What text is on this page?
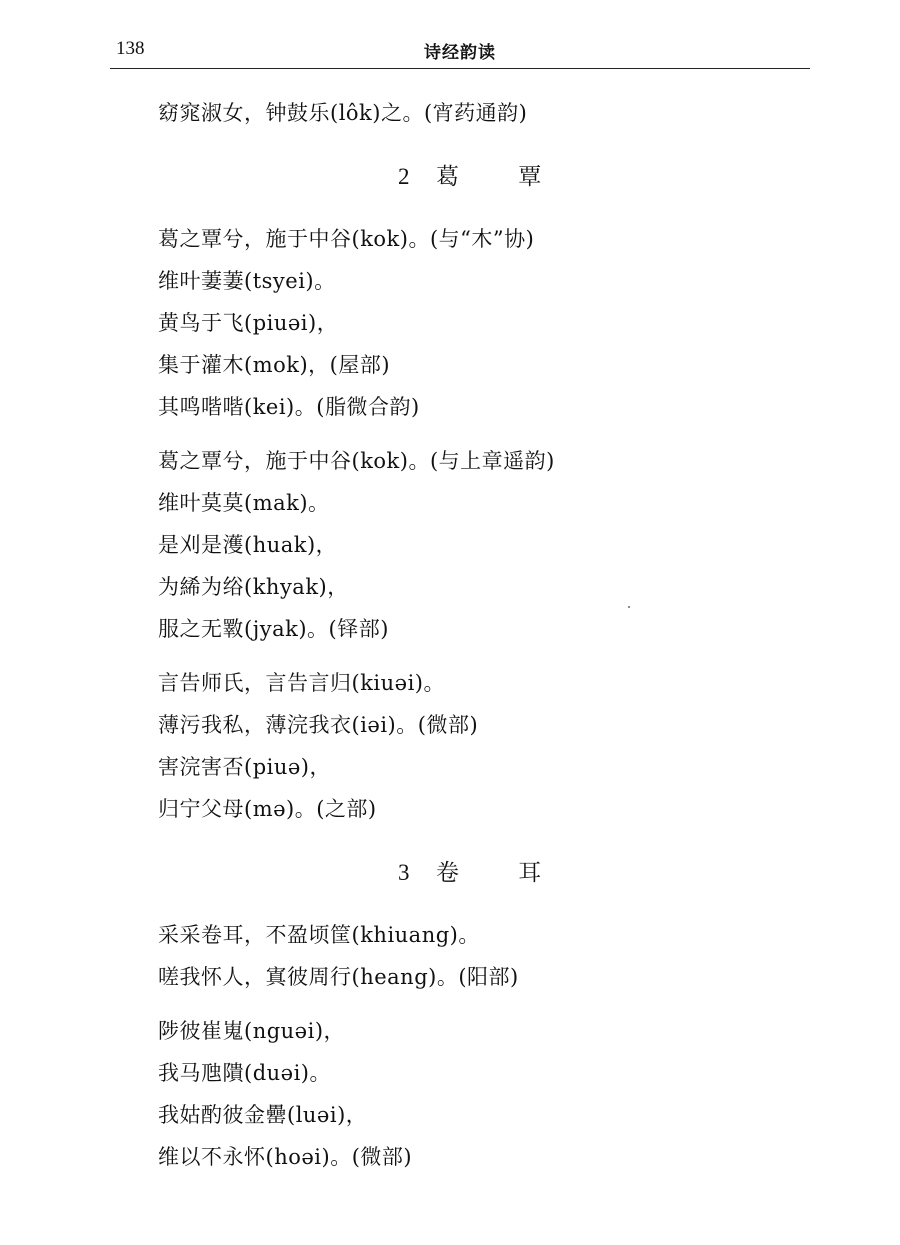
138	诗经韵读
窈窕淑女，钟鼓乐(lôk)之。(宵药通韵)
2 葛 覃
葛之覃兮，施于中谷(kok)。(与“木”协)
维叶萋萋(tsyei)。
黄鸟于飞(piuəi)，
集于灌木(mok)，(屋部)
其鸣喈喈(kei)。(脂微合韵)
葛之覃兮，施于中谷(kok)。(与上章遥韵)
维叶莫莫(mak)。
是刈是濩(huak)，
为絺为绤(khyak)，
服之无斁(jyak)。(铎部)
言告师氏，言告言归(kiuəi)。
薄污我私，薄浣我衣(iəi)。(微部)
害浣害否(piuə)，
归宁父母(mə)。(之部)
3 卷 耳
采采卷耳，不盈顷筐(khiuang)。
嗟我怀人，寘彼周行(heang)。(阳部)
陟彼崔嵬(nguəi)，
我马虺隤(duəi)。
我姑酌彼金罍(luəi)，
维以不永怀(hoəi)。(微部)
